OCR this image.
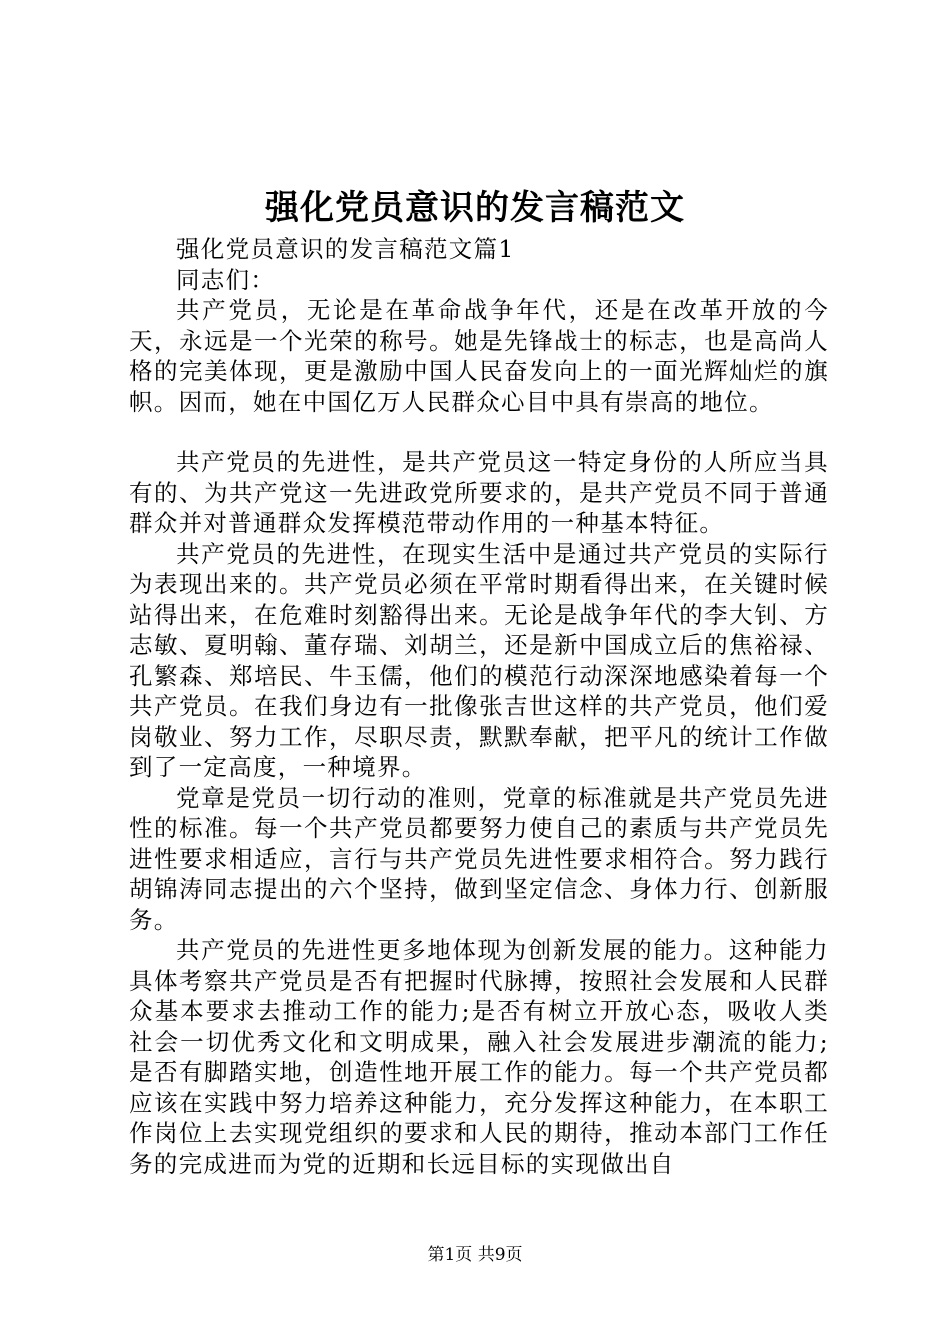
强化党员意识的发言稿范文

强化党员意识的发言稿范文篇1

同志们：

共产党员，无论是在革命战争年代，还是在改革开放的今天，永远是一个光荣的称号。她是先锋战士的标志，也是高尚人格的完美体现，更是激励中国人民奋发向上的一面光辉灿烂的旗帜。因而，她在中国亿万人民群众心目中具有崇高的地位。

共产党员的先进性，是共产党员这一特定身份的人所应当具有的、为共产党这一先进政党所要求的，是共产党员不同于普通群众并对普通群众发挥模范带动作用的一种基本特征。

共产党员的先进性，在现实生活中是通过共产党员的实际行为表现出来的。共产党员必须在平常时期看得出来，在关键时候站得出来，在危难时刻豁得出来。无论是战争年代的李大钊、方志敏、夏明翰、董存瑞、刘胡兰，还是新中国成立后的焦裕禄、孔繁森、郑培民、牛玉儒，他们的模范行动深深地感染着每一个共产党员。在我们身边有一批像张吉世这样的共产党员，他们爱岗敬业、努力工作，尽职尽责，默默奉献，把平凡的统计工作做到了一定高度，一种境界。

党章是党员一切行动的准则，党章的标准就是共产党员先进性的标准。每一个共产党员都要努力使自己的素质与共产党员先进性要求相适应，言行与共产党员先进性要求相符合。努力践行胡锦涛同志提出的六个坚持，做到坚定信念、身体力行、创新服务。

共产党员的先进性更多地体现为创新发展的能力。这种能力具体考察共产党员是否有把握时代脉搏，按照社会发展和人民群众基本要求去推动工作的能力;是否有树立开放心态，吸收人类社会一切优秀文化和文明成果，融入社会发展进步潮流的能力;是否有脚踏实地，创造性地开展工作的能力。每一个共产党员都应该在实践中努力培养这种能力，充分发挥这种能力，在本职工作岗位上去实现党组织的要求和人民的期待，推动本部门工作任务的完成进而为党的近期和长远目标的实现做出自

第1页 共9页
